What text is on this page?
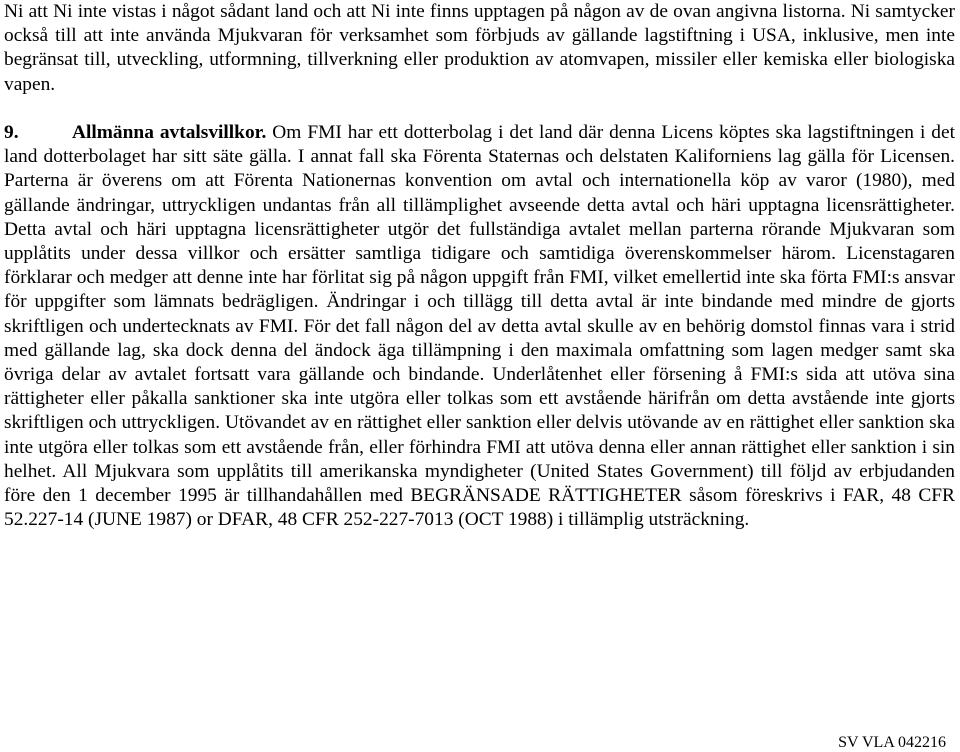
Ni att Ni inte vistas i något sådant land och att Ni inte finns upptagen på någon av de ovan angivna listorna. Ni samtycker också till att inte använda Mjukvaran för verksamhet som förbjuds av gällande lagstiftning i USA, inklusive, men inte begränsat till, utveckling, utformning, tillverkning eller produktion av atomvapen, missiler eller kemiska eller biologiska vapen.

9.	Allmänna avtalsvillkor. Om FMI har ett dotterbolag i det land där denna Licens köptes ska lagstiftningen i det land dotterbolaget har sitt säte gälla. I annat fall ska Förenta Staternas och delstaten Kaliforniens lag gälla för Licensen. Parterna är överens om att Förenta Nationernas konvention om avtal och internationella köp av varor (1980), med gällande ändringar, uttryckligen undantas från all tillämplighet avseende detta avtal och häri upptagna licensrättigheter. Detta avtal och häri upptagna licensrättigheter utgör det fullständiga avtalet mellan parterna rörande Mjukvaran som upplåtits under dessa villkor och ersätter samtliga tidigare och samtidiga överenskommelser härom. Licenstagaren förklarar och medger att denne inte har förlitat sig på någon uppgift från FMI, vilket emellertid inte ska förta FMI:s ansvar för uppgifter som lämnats bedrägligen. Ändringar i och tillägg till detta avtal är inte bindande med mindre de gjorts skriftligen och undertecknats av FMI. För det fall någon del av detta avtal skulle av en behörig domstol finnas vara i strid med gällande lag, ska dock denna del ändock äga tillämpning i den maximala omfattning som lagen medger samt ska övriga delar av avtalet fortsatt vara gällande och bindande. Underlåtenhet eller försening å FMI:s sida att utöva sina rättigheter eller påkalla sanktioner ska inte utgöra eller tolkas som ett avstående härifrån om detta avstående inte gjorts skriftligen och uttryckligen. Utövandet av en rättighet eller sanktion eller delvis utövande av en rättighet eller sanktion ska inte utgöra eller tolkas som ett avstående från, eller förhindra FMI att utöva denna eller annan rättighet eller sanktion i sin helhet. All Mjukvara som upplåtits till amerikanska myndigheter (United States Government) till följd av erbjudanden före den 1 december 1995 är tillhandahållen med BEGRÄNSADE RÄTTIGHETER såsom föreskrivs i FAR, 48 CFR 52.227-14 (JUNE 1987) or DFAR, 48 CFR 252-227-7013 (OCT 1988) i tillämplig utsträckning.

SV VLA 042216
